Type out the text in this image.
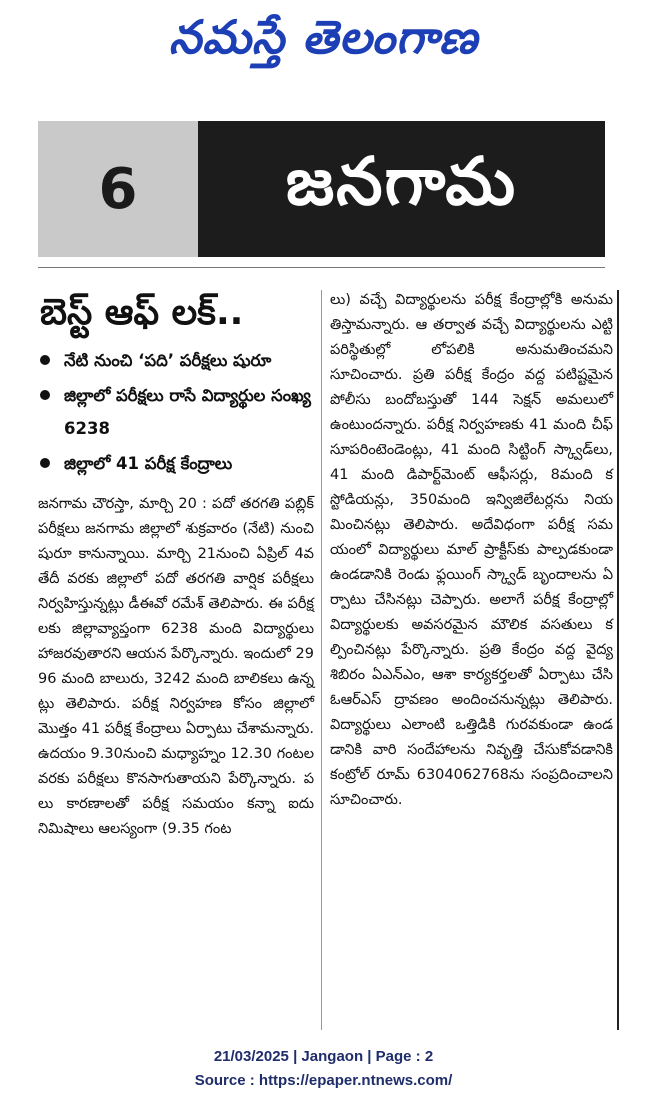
నమస్తే తెలంగాణ
6 జనగామ
బెస్ట్ ఆఫ్ లక్..
నేటి నుంచి ‘పది’ పరీక్షలు షురూ
జిల్లాలో పరీక్షలు రాసే విద్యార్థుల సంఖ్య 6238
జిల్లాలో 41 పరీక్ష కేంద్రాలు

జనగామ చౌరస్తా, మార్చి 20 : పదో తరగతి పబ్లిక్ పరీక్షలు జనగామ జిల్లాలో శుక్రవారం (నేటి) నుంచి షురూ కానున్నాయి. మార్చి 21నుంచి ఏప్రిల్ 4వ తేదీ వరకు జిల్లాలో పదో తరగతి వార్షిక పరీక్షలు నిర్వహిస్తున్నట్లు డీఈవో రమేశ్ తెలిపారు. ఈ పరీక్షలకు జిల్లావ్యాప్తంగా 6238 మంది విద్యార్థులు హాజరవుతారని ఆయన పేర్కొన్నారు. ఇందులో 2996 మంది బాలురు, 3242 మంది బాలికలు ఉన్నట్లు తెలిపారు. పరీక్ష నిర్వహణ కోసం జిల్లాలో మొత్తం 41 పరీక్ష కేంద్రాలు ఏర్పాటు చేశామన్నారు. ఉదయం 9.30నుంచి మధ్యాహ్నం 12.30 గంటల వరకు పరీక్షలు కొనసాగుతాయని పేర్కొన్నారు. పలు కారణాలతో పరీక్ష సమయం కన్నా ఐదు నిమిషాలు ఆలస్యంగా (9.35 గంట

లు) వచ్చే విద్యార్థులను పరీక్ష కేంద్రాల్లోకి అనుమతిస్తామన్నారు. ఆ తర్వాత వచ్చే విద్యార్థులను ఎట్టి పరిస్థితుల్లో లోపలికి అనుమతించమని సూచించారు. ప్రతి పరీక్ష కేంద్రం వద్ద పటిష్టమైన పోలీసు బందోబస్తుతో 144 సెక్షన్ అమలులో ఉంటుందన్నారు. పరీక్ష నిర్వహణకు 41 మంది చీఫ్ సూపరింటెండెంట్లు, 41 మంది సిట్టింగ్ స్క్వాడ్‌లు, 41 మంది డిపార్ట్‌మెంట్ ఆఫీసర్లు, 8మంది కస్టోడియన్లు, 350మంది ఇన్విజిలేటర్లను నియమించినట్లు తెలిపారు. అదేవిధంగా పరీక్ష సమయంలో విద్యార్థులు మాల్ ప్రాక్టీస్‌కు పాల్పడకుండా ఉండడానికి రెండు ఫ్లయింగ్ స్క్వాడ్ బృందాలను ఏర్పాటు చేసినట్లు చెప్పారు. అలాగే పరీక్ష కేంద్రాల్లో విద్యార్థులకు అవసరమైన మౌలిక వసతులు కల్పించినట్లు పేర్కొన్నారు. ప్రతి కేంద్రం వద్ద వైద్య శిబిరం ఏఎన్ఎం, ఆశా కార్యకర్తలతో ఏర్పాటు చేసి ఓఆర్ఎస్ ద్రావణం అందించనున్నట్లు తెలిపారు. విద్యార్థులు ఎలాంటి ఒత్తిడికి గురవకుండా ఉండడానికి వారి సందేహాలను నివృత్తి చేసుకోవడానికి కంట్రోల్ రూమ్ 6304062768ను సంప్రదించాలని సూచించారు.

21/03/2025 | Jangaon | Page : 2
Source : https://epaper.ntnews.com/
